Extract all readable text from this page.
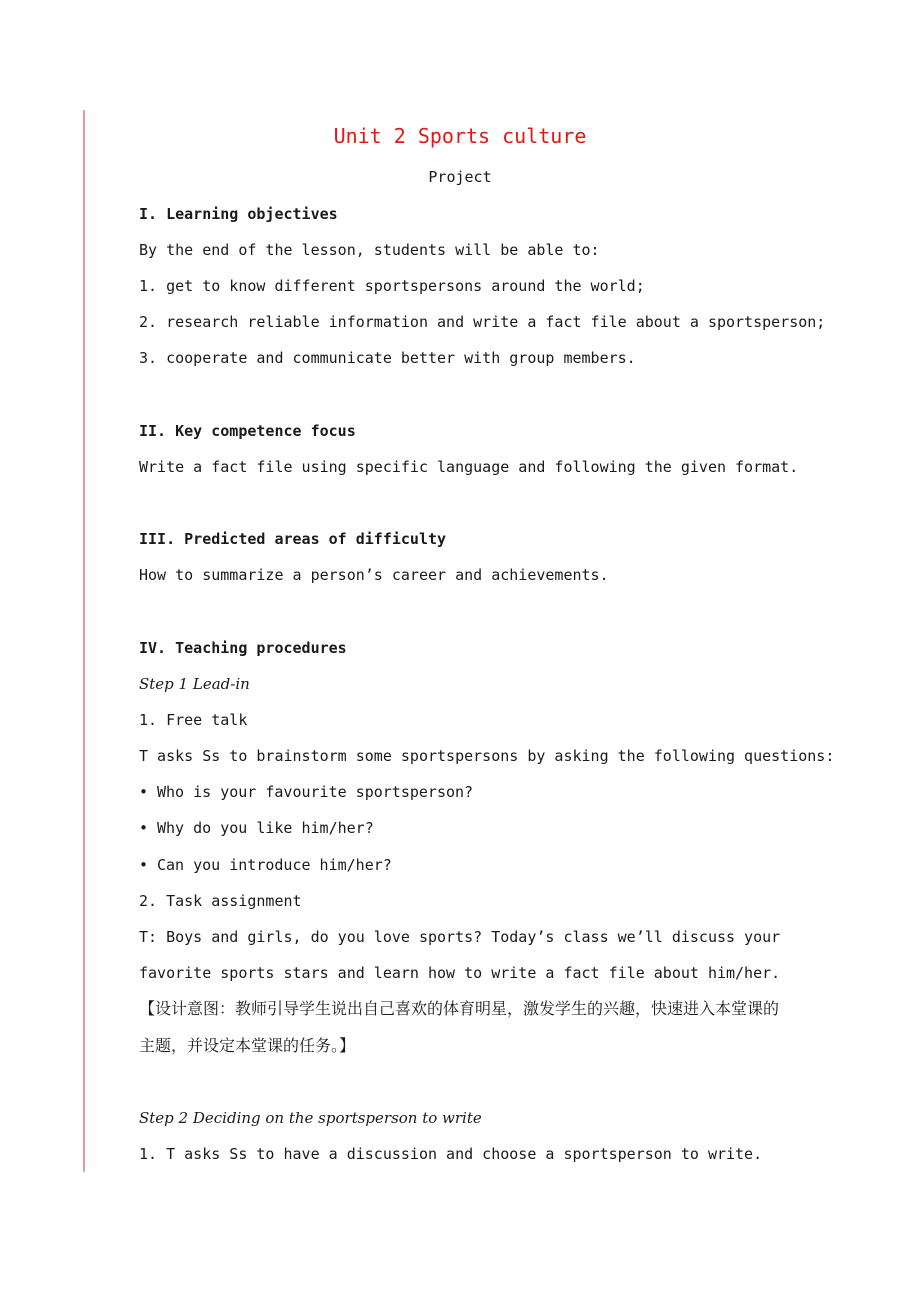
Unit 2 Sports culture
Project
I. Learning objectives
By the end of the lesson, students will be able to:
1. get to know different sportspersons around the world;
2. research reliable information and write a fact file about a sportsperson;
3. cooperate and communicate better with group members.
II. Key competence focus
Write a fact file using specific language and following the given format.
III. Predicted areas of difficulty
How to summarize a person’s career and achievements.
IV. Teaching procedures
Step 1 Lead-in
1. Free talk
T asks Ss to brainstorm some sportspersons by asking the following questions:
• Who is your favourite sportsperson?
• Why do you like him/her?
• Can you introduce him/her?
2. Task assignment
T: Boys and girls, do you love sports? Today’s class we’ll discuss your
favorite sports stars and learn how to write a fact file about him/her.
【设计意图：教师引导学生说出自己喜欢的体育明星，激发学生的兴趣，快速进入本堂课的
主题，并设定本堂课的任务。】
Step 2 Deciding on the sportsperson to write
1. T asks Ss to have a discussion and choose a sportsperson to write.
